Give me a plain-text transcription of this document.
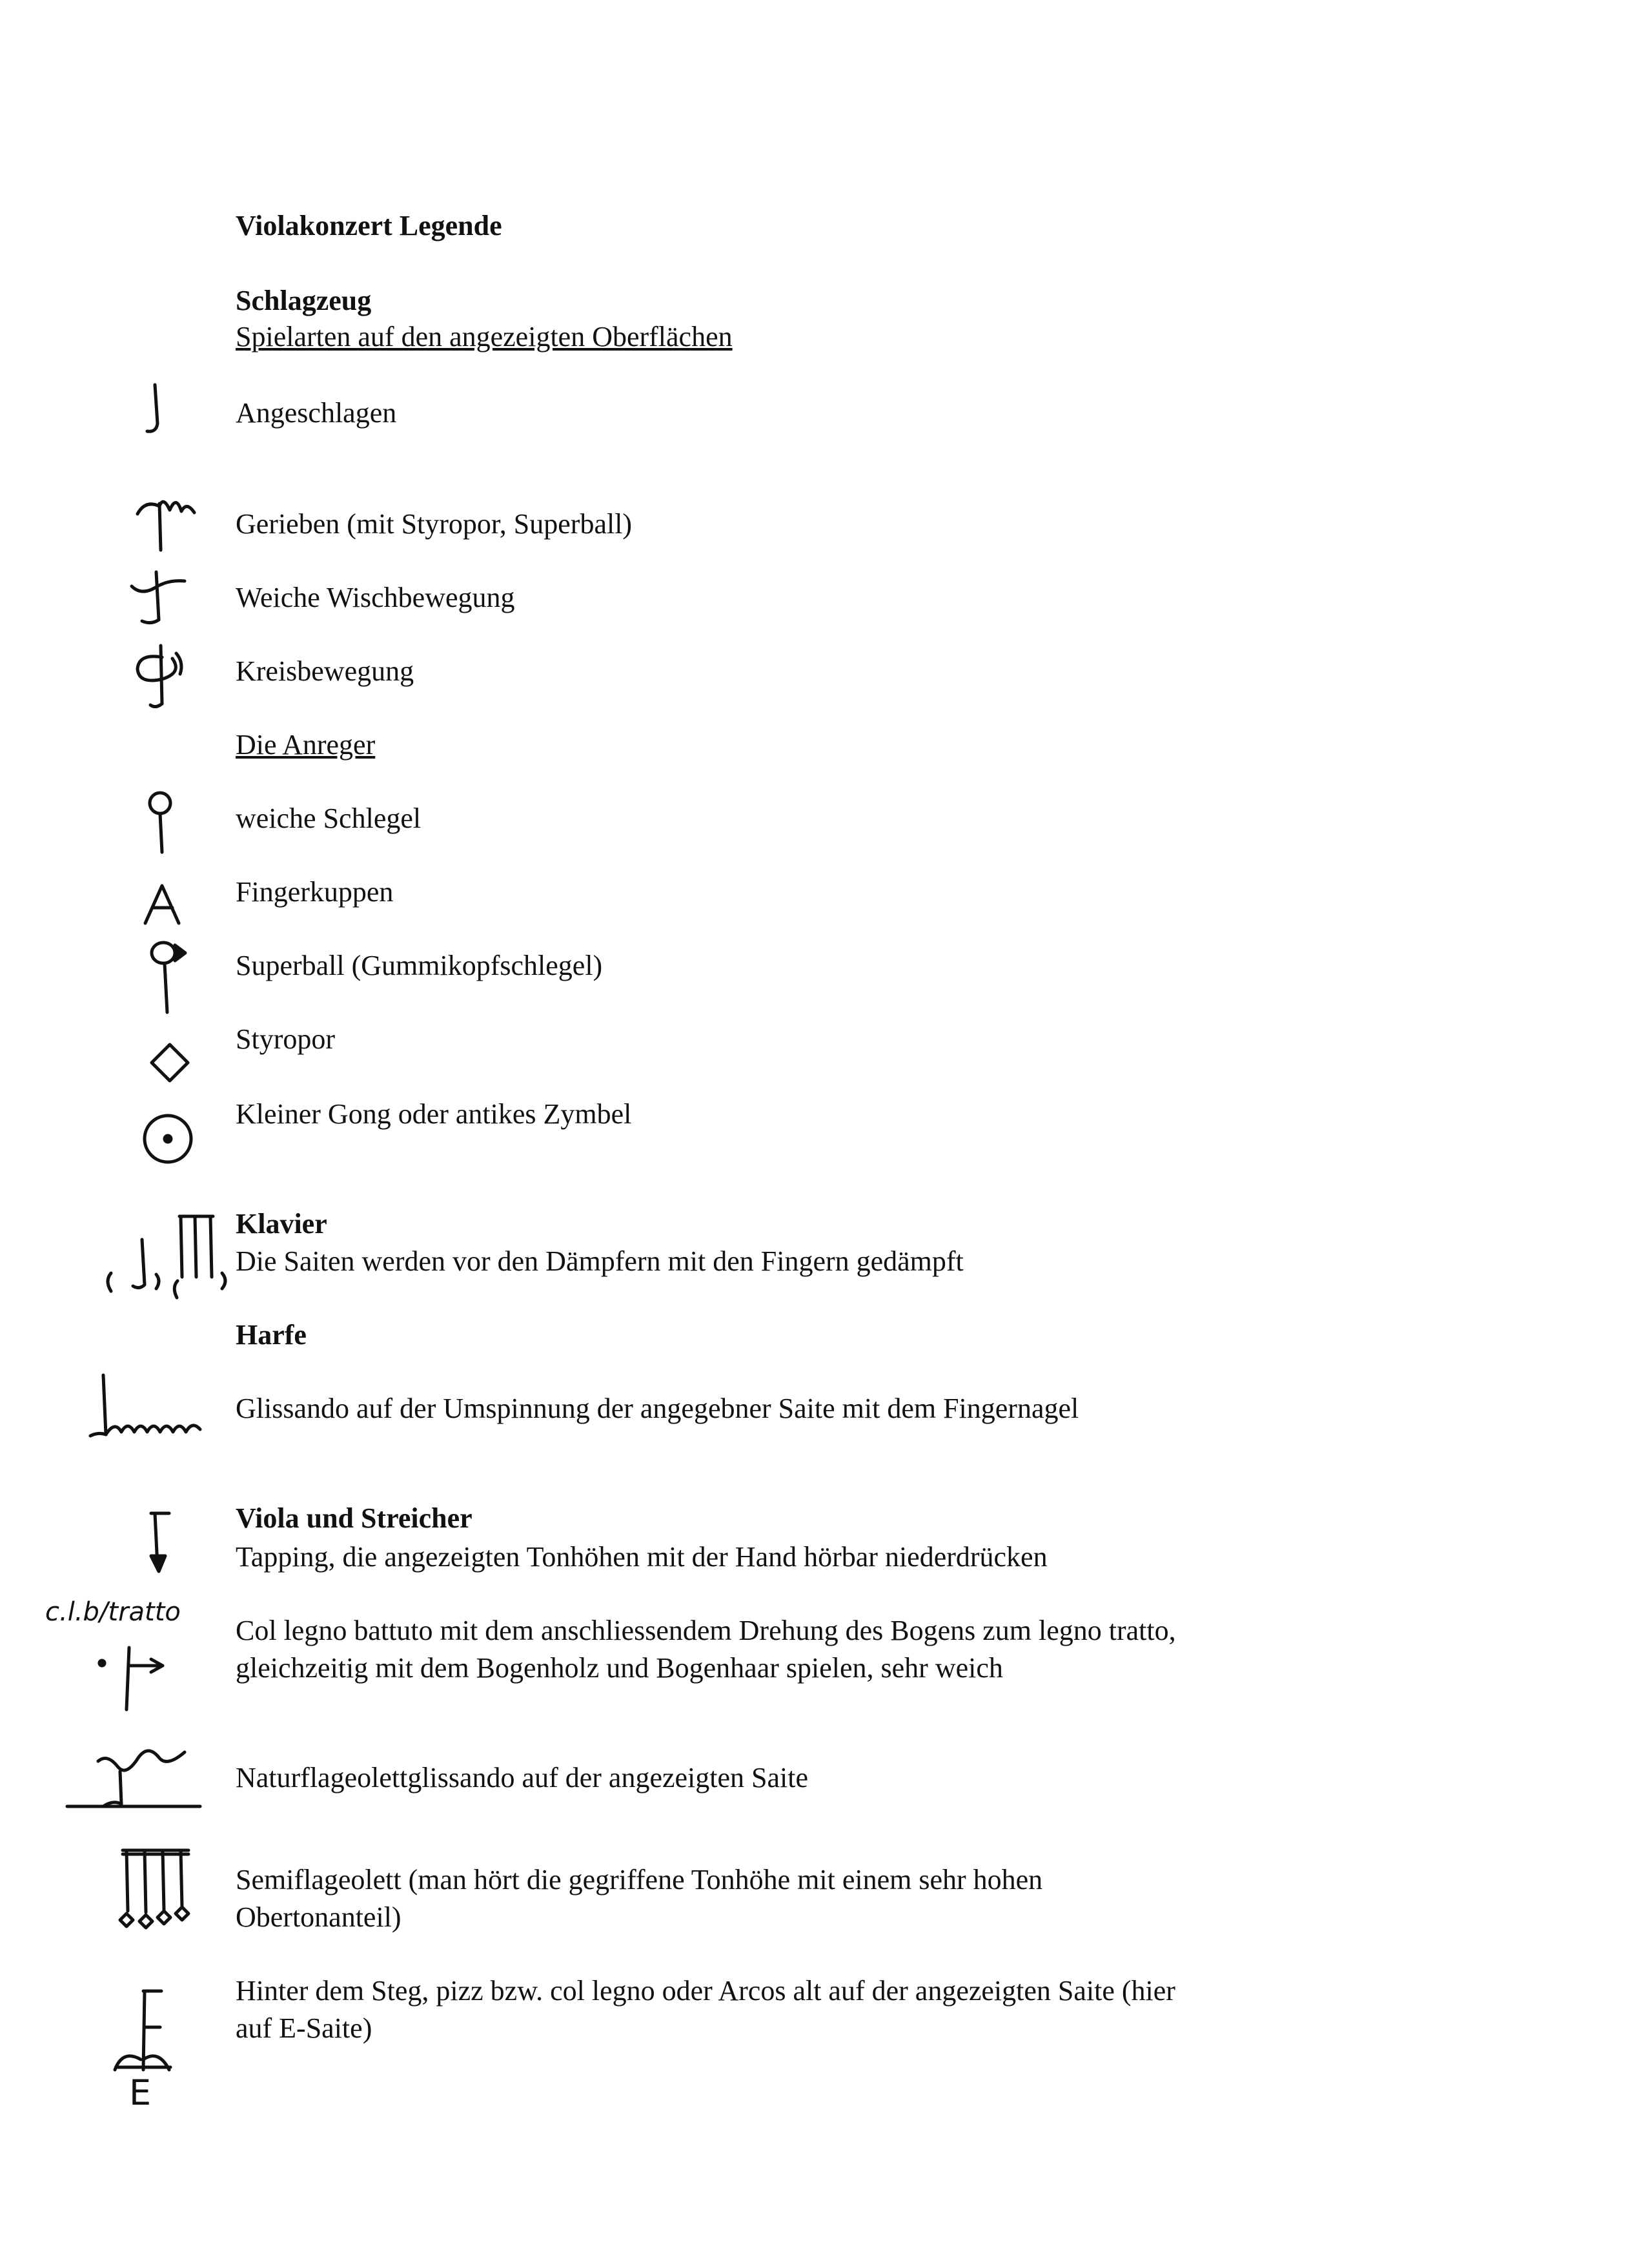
Violakonzert Legende
Schlagzeug
Spielarten auf den angezeigten Oberflächen
Angeschlagen
Gerieben (mit Styropor, Superball)
Weiche Wischbewegung
Kreisbewegung
Die Anreger
weiche Schlegel
Fingerkuppen
Superball (Gummikopfschlegel)
Styropor
Kleiner Gong oder antikes Zymbel
Klavier
Die Saiten werden vor den Dämpfern mit den Fingern gedämpft
Harfe
Glissando auf der Umspinnung der angegebner Saite mit dem Fingernagel
Viola und Streicher
Tapping, die angezeigten Tonhöhen mit der Hand hörbar niederdrücken
c.l.b/tratto
Col legno battuto mit dem anschliessendem Drehung des Bogens zum legno tratto,
gleichzeitig mit dem Bogenholz und Bogenhaar spielen, sehr weich
Naturflageolettglissando auf der angezeigten Saite
Semiflageolett (man hört die gegriffene Tonhöhe mit einem sehr hohen
Obertonanteil)
E
Hinter dem Steg, pizz bzw. col legno oder Arcos alt auf der angezeigten Saite (hier
auf E-Saite)
